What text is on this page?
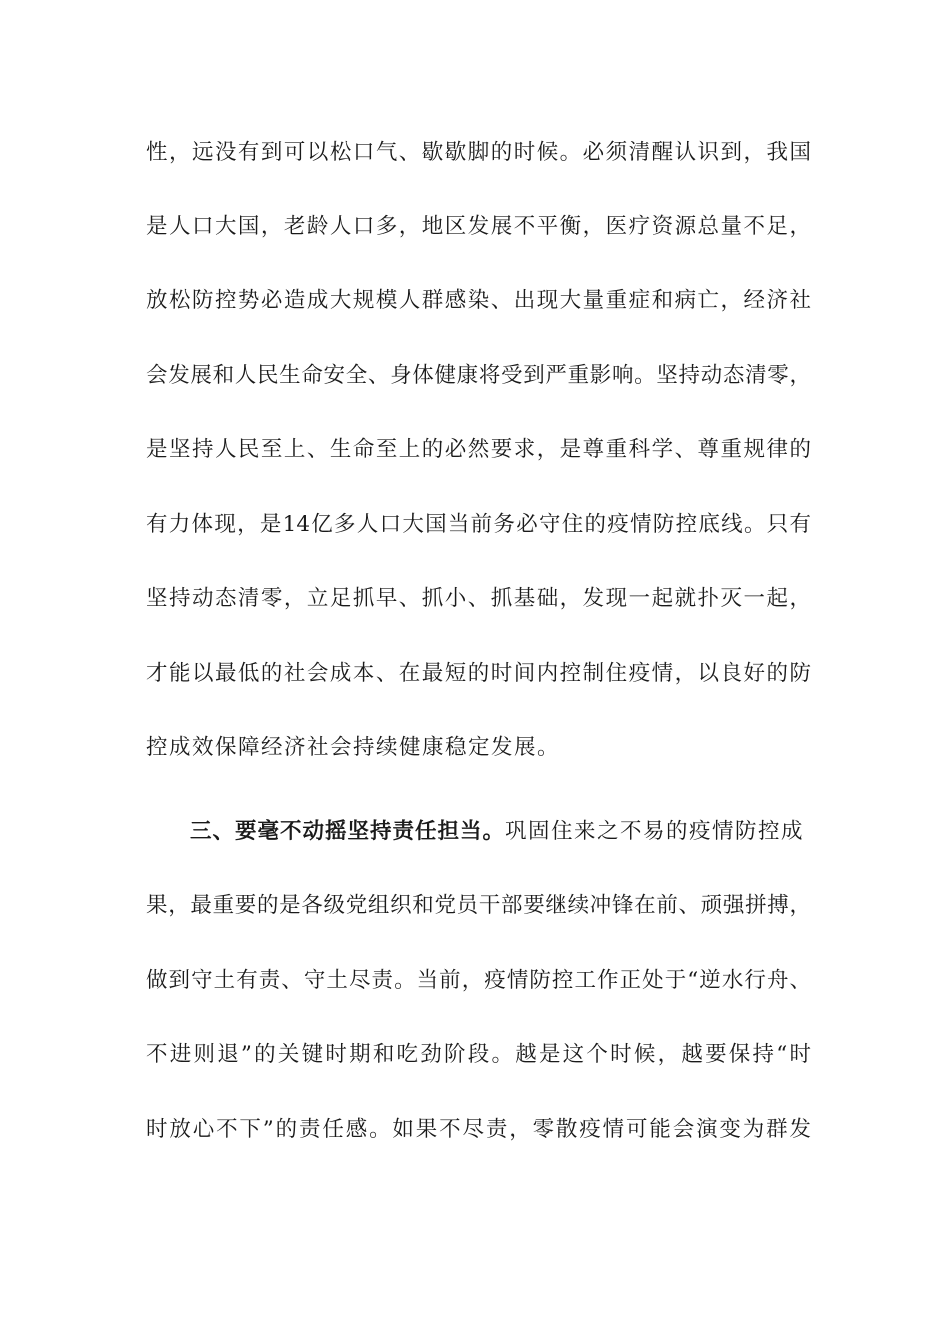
性，远没有到可以松口气、歇歇脚的时候。必须清醒认识到，我国
是人口大国，老龄人口多，地区发展不平衡，医疗资源总量不足，
放松防控势必造成大规模人群感染、出现大量重症和病亡，经济社
会发展和人民生命安全、身体健康将受到严重影响。坚持动态清零，
是坚持人民至上、生命至上的必然要求，是尊重科学、尊重规律的
有力体现，是14亿多人口大国当前务必守住的疫情防控底线。只有
坚持动态清零，立足抓早、抓小、抓基础，发现一起就扑灭一起，
才能以最低的社会成本、在最短的时间内控制住疫情，以良好的防
控成效保障经济社会持续健康稳定发展。
三、要毫不动摇坚持责任担当。巩固住来之不易的疫情防控成
果，最重要的是各级党组织和党员干部要继续冲锋在前、顽强拼搏，
做到守土有责、守土尽责。当前，疫情防控工作正处于“逆水行舟、
不进则退”的关键时期和吃劲阶段。越是这个时候，越要保持“时
时放心不下”的责任感。如果不尽责，零散疫情可能会演变为群发
